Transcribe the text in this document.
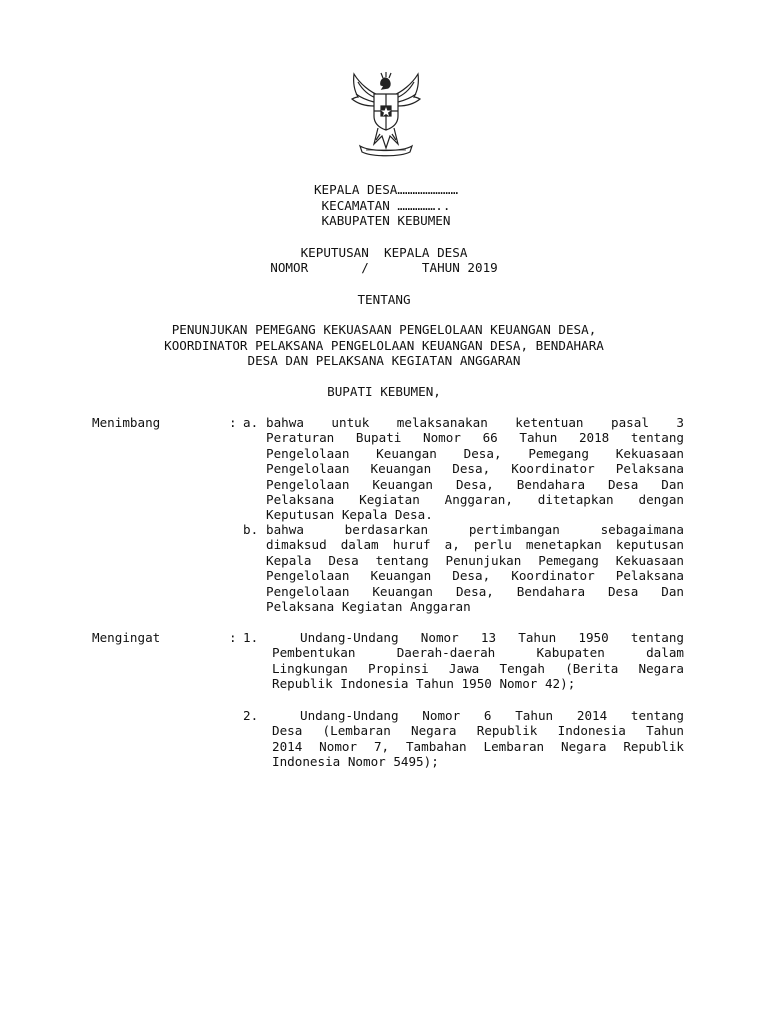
KEPALA DESA……………………
KECAMATAN ……………..
KABUPATEN KEBUMEN
KEPUTUSAN  KEPALA DESA
NOMOR       /       TAHUN 2019
TENTANG
PENUNJUKAN PEMEGANG KEKUASAAN PENGELOLAAN KEUANGAN DESA,
KOORDINATOR PELAKSANA PENGELOLAAN KEUANGAN DESA, BENDAHARA
DESA DAN PELAKSANA KEGIATAN ANGGARAN
BUPATI KEBUMEN,
Menimbang	: a. bahwa untuk melaksanakan ketentuan pasal 3
Peraturan Bupati Nomor 66 Tahun 2018 tentang
Pengelolaan Keuangan Desa, Pemegang Kekuasaan
Pengelolaan Keuangan Desa, Koordinator Pelaksana
Pengelolaan Keuangan Desa, Bendahara Desa Dan
Pelaksana Kegiatan Anggaran, ditetapkan dengan
Keputusan Kepala Desa.
b. bahwa berdasarkan pertimbangan sebagaimana
dimaksud dalam huruf a, perlu menetapkan keputusan
Kepala Desa tentang Penunjukan Pemegang Kekuasaan
Pengelolaan Keuangan Desa, Koordinator Pelaksana
Pengelolaan Keuangan Desa, Bendahara Desa Dan
Pelaksana Kegiatan Anggaran
Mengingat	: 1.	Undang-Undang Nomor 13 Tahun 1950 tentang
Pembentukan Daerah-daerah Kabupaten dalam
Lingkungan Propinsi Jawa Tengah (Berita Negara
Republik Indonesia Tahun 1950 Nomor 42);
2.	Undang-Undang Nomor 6 Tahun 2014 tentang
Desa (Lembaran Negara Republik Indonesia Tahun
2014 Nomor 7, Tambahan Lembaran Negara Republik
Indonesia Nomor 5495);
